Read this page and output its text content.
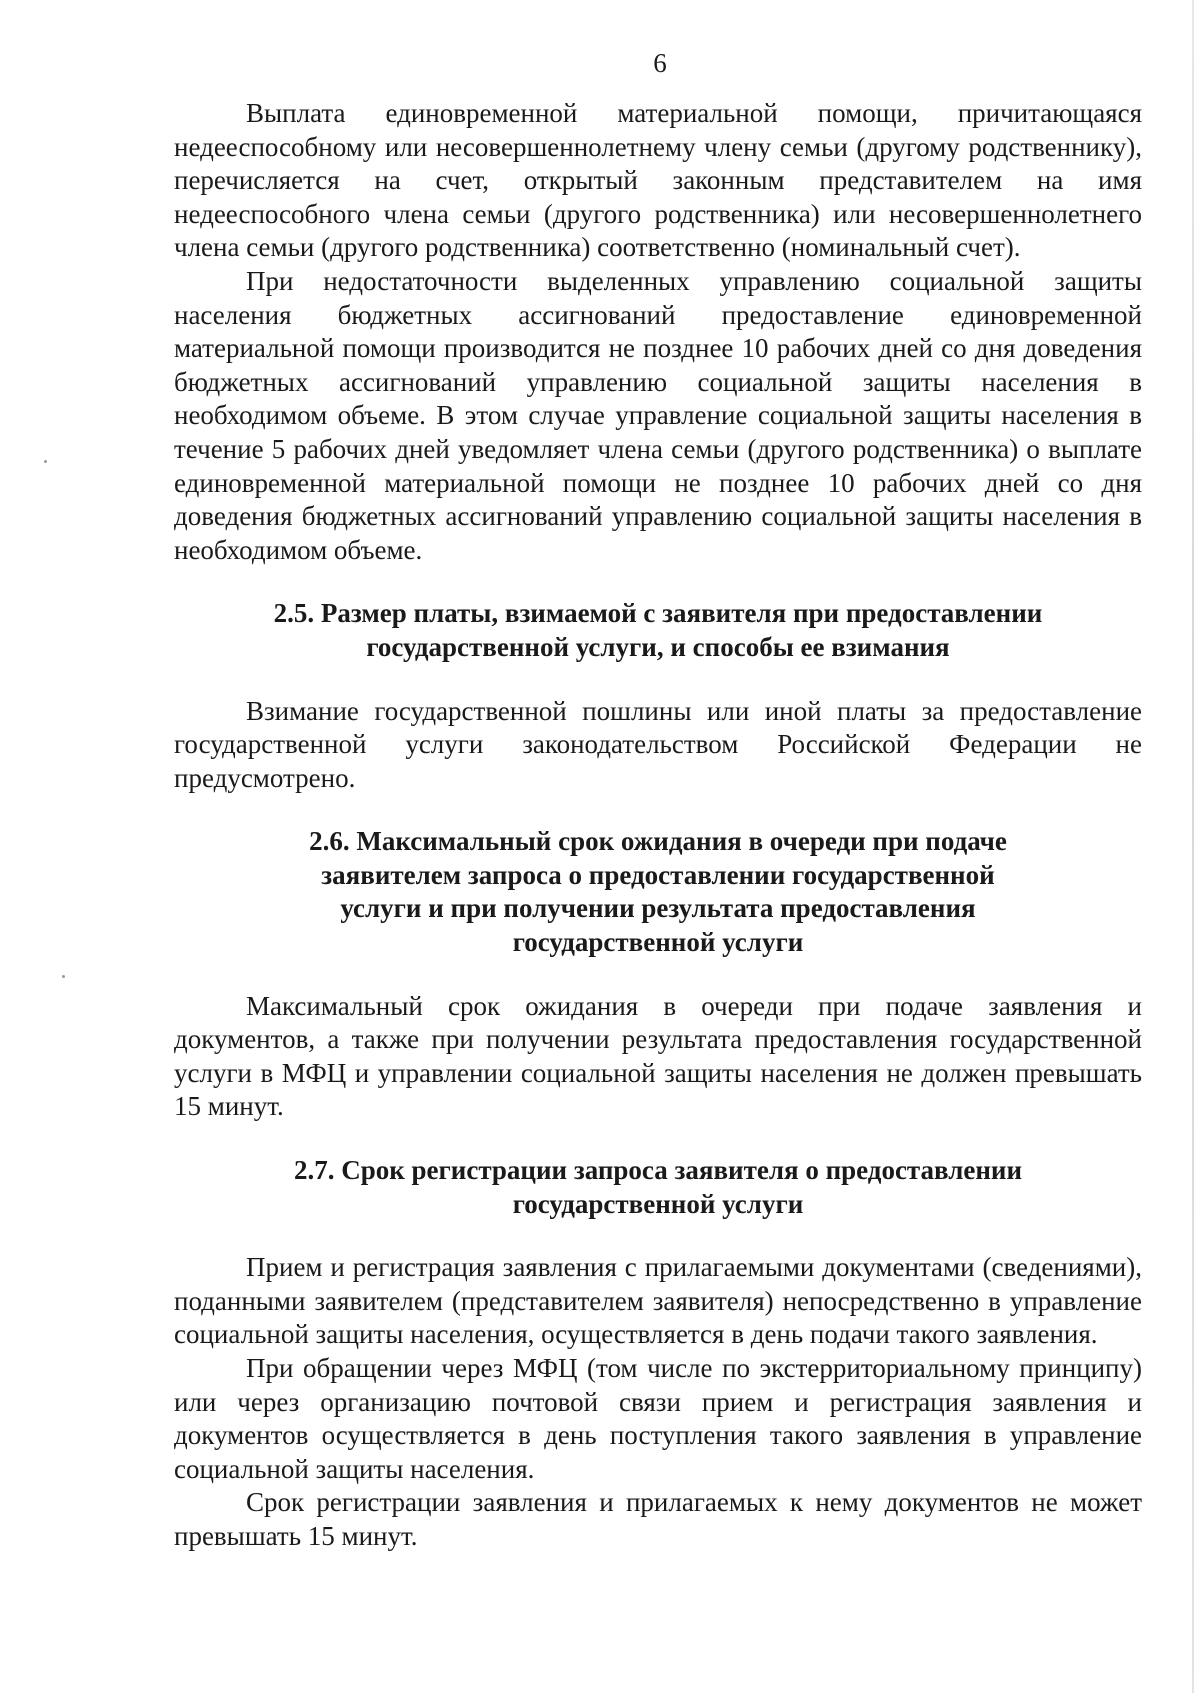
6

Выплата единовременной материальной помощи, причитающаяся недееспособному или несовершеннолетнему члену семьи (другому родственнику), перечисляется на счет, открытый законным представителем на имя недееспособного члена семьи (другого родственника) или несовершеннолетнего члена семьи (другого родственника) соответственно (номинальный счет).

При недостаточности выделенных управлению социальной защиты населения бюджетных ассигнований предоставление единовременной материальной помощи производится не позднее 10 рабочих дней со дня доведения бюджетных ассигнований управлению социальной защиты населения в необходимом объеме. В этом случае управление социальной защиты населения в течение 5 рабочих дней уведомляет члена семьи (другого родственника) о выплате единовременной материальной помощи не позднее 10 рабочих дней со дня доведения бюджетных ассигнований управлению социальной защиты населения в необходимом объеме.

2.5. Размер платы, взимаемой с заявителя при предоставлении
государственной услуги, и способы ее взимания

Взимание государственной пошлины или иной платы за предоставление государственной услуги законодательством Российской Федерации не предусмотрено.

2.6. Максимальный срок ожидания в очереди при подаче
заявителем запроса о предоставлении государственной
услуги и при получении результата предоставления
государственной услуги

Максимальный срок ожидания в очереди при подаче заявления и документов, а также при получении результата предоставления государственной услуги в МФЦ и управлении социальной защиты населения не должен превышать 15 минут.

2.7. Срок регистрации запроса заявителя о предоставлении
государственной услуги

Прием и регистрация заявления с прилагаемыми документами (сведениями), поданными заявителем (представителем заявителя) непосредственно в управление социальной защиты населения, осуществляется в день подачи такого заявления.

При обращении через МФЦ (том числе по экстерриториальному принципу) или через организацию почтовой связи прием и регистрация заявления и документов осуществляется в день поступления такого заявления в управление социальной защиты населения.

Срок регистрации заявления и прилагаемых к нему документов не может превышать 15 минут.
